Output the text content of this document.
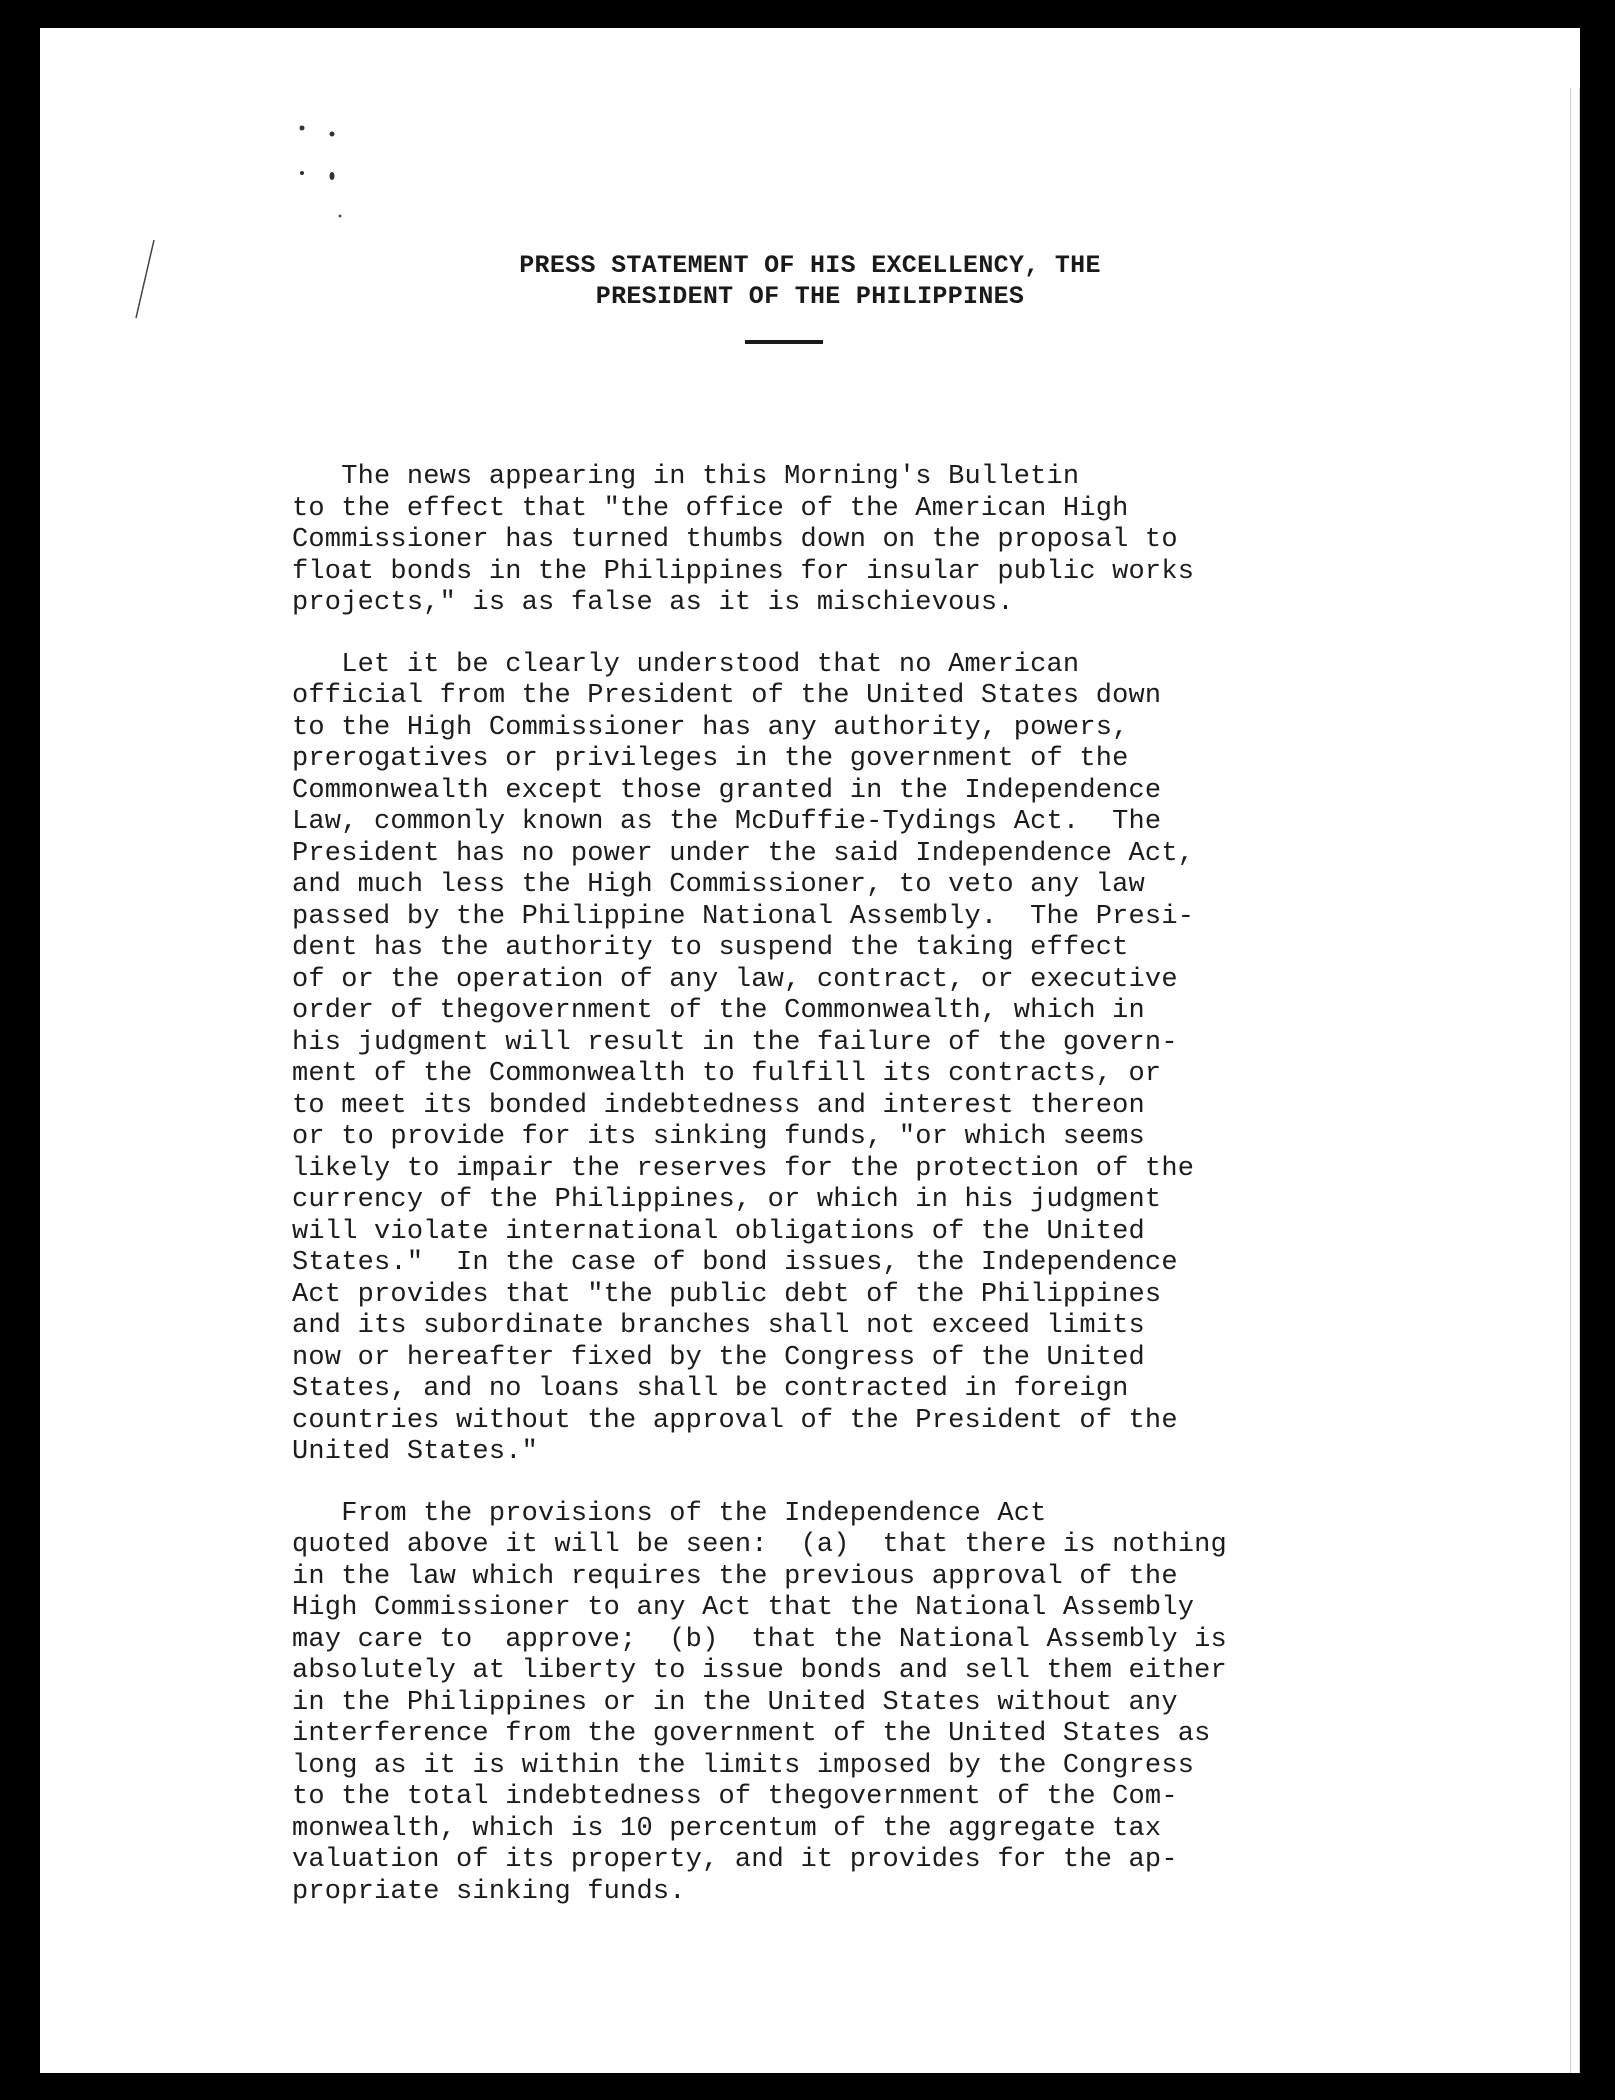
PRESS STATEMENT OF HIS EXCELLENCY, THE
PRESIDENT OF THE PHILIPPINES
The news appearing in this Morning's Bulletin
to the effect that "the office of the American High
Commissioner has turned thumbs down on the proposal to
float bonds in the Philippines for insular public works
projects," is as false as it is mischievous.
Let it be clearly understood that no American
official from the President of the United States down
to the High Commissioner has any authority, powers,
prerogatives or privileges in the government of the
Commonwealth except those granted in the Independence
Law, commonly known as the McDuffie-Tydings Act.  The
President has no power under the said Independence Act,
and much less the High Commissioner, to veto any law
passed by the Philippine National Assembly.  The Presi-
dent has the authority to suspend the taking effect
of or the operation of any law, contract, or executive
order of thegovernment of the Commonwealth, which in
his judgment will result in the failure of the govern-
ment of the Commonwealth to fulfill its contracts, or
to meet its bonded indebtedness and interest thereon
or to provide for its sinking funds, "or which seems
likely to impair the reserves for the protection of the
currency of the Philippines, or which in his judgment
will violate international obligations of the United
States."  In the case of bond issues, the Independence
Act provides that "the public debt of the Philippines
and its subordinate branches shall not exceed limits
now or hereafter fixed by the Congress of the United
States, and no loans shall be contracted in foreign
countries without the approval of the President of the
United States."
From the provisions of the Independence Act
quoted above it will be seen:  (a)  that there is nothing
in the law which requires the previous approval of the
High Commissioner to any Act that the National Assembly
may care to  approve;  (b)  that the National Assembly is
absolutely at liberty to issue bonds and sell them either
in the Philippines or in the United States without any
interference from the government of the United States as
long as it is within the limits imposed by the Congress
to the total indebtedness of thegovernment of the Com-
monwealth, which is 10 percentum of the aggregate tax
valuation of its property, and it provides for the ap-
propriate sinking funds.
